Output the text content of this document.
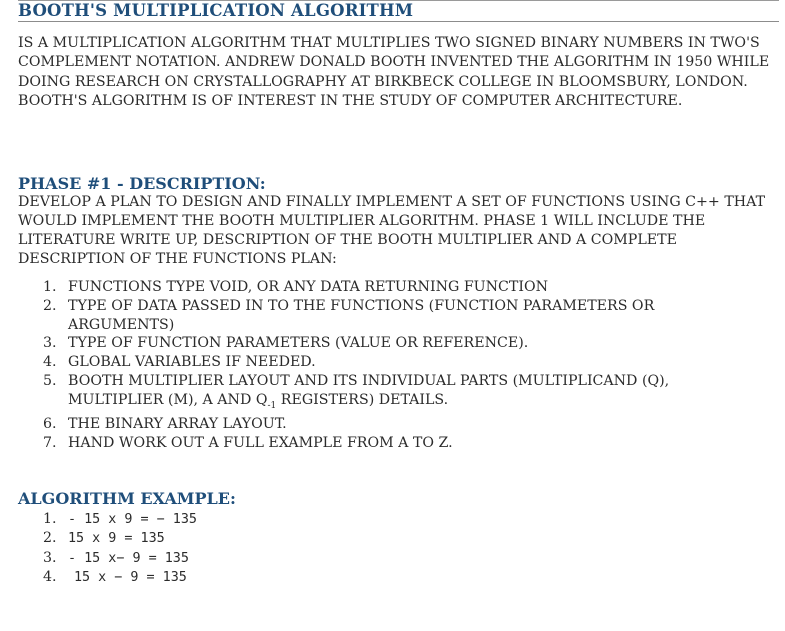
BOOTH'S MULTIPLICATION ALGORITHM

IS A MULTIPLICATION ALGORITHM THAT MULTIPLIES TWO SIGNED BINARY NUMBERS IN TWO'S COMPLEMENT NOTATION. ANDREW DONALD BOOTH INVENTED THE ALGORITHM IN 1950 WHILE DOING RESEARCH ON CRYSTALLOGRAPHY AT BIRKBECK COLLEGE IN BLOOMSBURY, LONDON. BOOTH'S ALGORITHM IS OF INTEREST IN THE STUDY OF COMPUTER ARCHITECTURE.

PHASE #1 - DESCRIPTION:

DEVELOP A PLAN TO DESIGN AND FINALLY IMPLEMENT A SET OF FUNCTIONS USING C++ THAT WOULD IMPLEMENT THE BOOTH MULTIPLIER ALGORITHM. PHASE 1 WILL INCLUDE THE LITERATURE WRITE UP, DESCRIPTION OF THE BOOTH MULTIPLIER AND A COMPLETE DESCRIPTION OF THE FUNCTIONS PLAN:

1. FUNCTIONS TYPE VOID, OR ANY DATA RETURNING FUNCTION
2. TYPE OF DATA PASSED IN TO THE FUNCTIONS (FUNCTION PARAMETERS OR ARGUMENTS)
3. TYPE OF FUNCTION PARAMETERS (VALUE OR REFERENCE).
4. GLOBAL VARIABLES IF NEEDED.
5. BOOTH MULTIPLIER LAYOUT AND ITS INDIVIDUAL PARTS (MULTIPLICAND (Q), MULTIPLIER (M), A AND $Q_{-1}$ REGISTERS) DETAILS.
6. THE BINARY ARRAY LAYOUT.
7. HAND WORK OUT A FULL EXAMPLE FROM A TO Z.
ALGORITHM EXAMPLE:
1. - 15 x 9 = − 135
2. 15 x 9 = 135
3. - 15 x− 9 = 135
4. 15 x − 9 = 135
